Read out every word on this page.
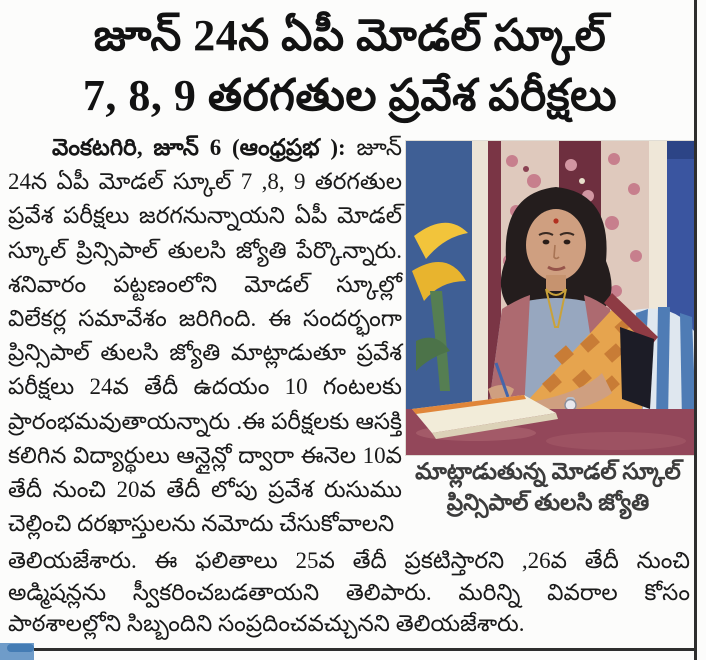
జూన్ 24న ఏపీ మోడల్ స్కూల్
7, 8, 9 తరగతుల ప్రవేశ పరీక్షలు

వెంకటగిరి, జూన్ 6 (ఆంధ్రప్రభ ): జూన్ 24న ఏపీ మోడల్ స్కూల్ 7 ,8, 9 తరగతుల ప్రవేశ పరీక్షలు జరగనున్నాయని ఏపీ మోడల్ స్కూల్ ప్రిన్సిపాల్ తులసి జ్యోతి పేర్కొన్నారు. శనివారం పట్టణంలోని మోడల్ స్కూల్లో విలేకర్ల సమావేశం జరిగింది. ఈ సందర్భంగా ప్రిన్సిపాల్ తులసి జ్యోతి మాట్లాడుతూ ప్రవేశ పరీక్షలు 24వ తేదీ ఉదయం 10 గంటలకు ప్రారంభమవుతాయన్నారు .ఈ పరీక్షలకు ఆసక్తి కలిగిన విద్యార్థులు ఆన్లైన్లో ద్వారా ఈనెల 10వ తేదీ నుంచి 20వ తేదీ లోపు ప్రవేశ రుసుము చెల్లించి దరఖాస్తులను నమోదు చేసుకోవాలని

మాట్లాడుతున్న మోడల్ స్కూల్
ప్రిన్సిపాల్ తులసి జ్యోతి

తెలియజేశారు. ఈ ఫలితాలు 25వ తేదీ ప్రకటిస్తారని ,26వ తేదీ నుంచి అడ్మిషన్లను స్వీకరించబడతాయని తెలిపారు. మరిన్ని వివరాల కోసం పాఠశాలల్లోని సిబ్బందిని సంప్రదించవచ్చునని తెలియజేశారు.
